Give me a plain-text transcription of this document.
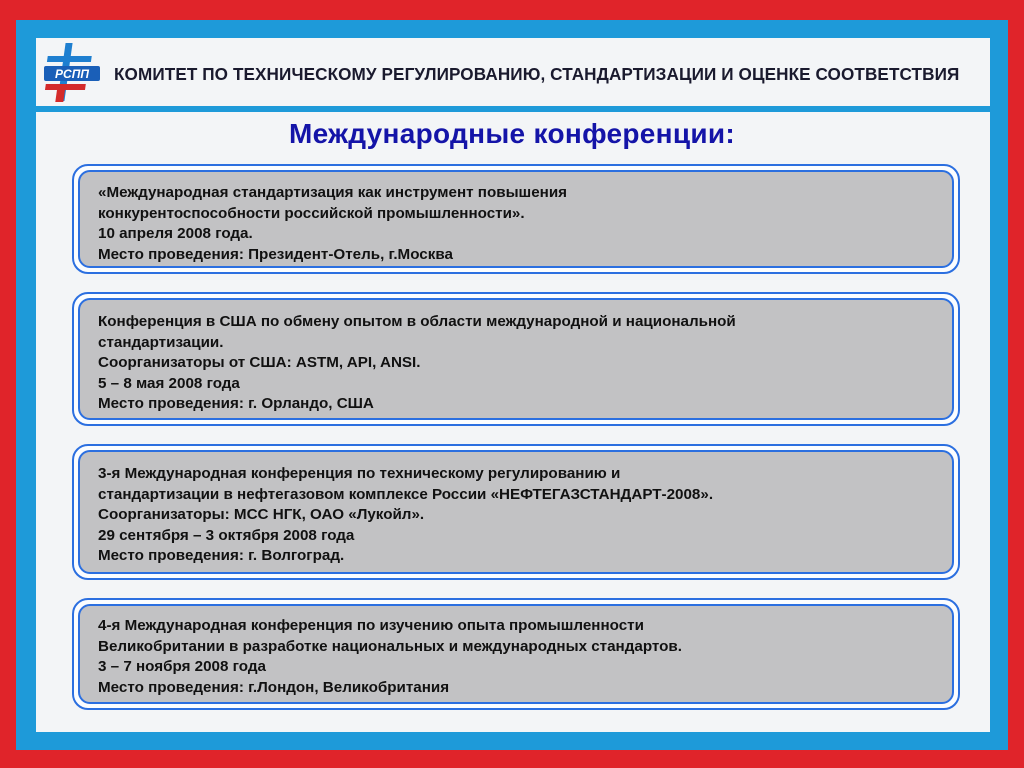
РСПП КОМИТЕТ ПО ТЕХНИЧЕСКОМУ РЕГУЛИРОВАНИЮ, СТАНДАРТИЗАЦИИ И ОЦЕНКЕ СООТВЕТСТВИЯ
Международные конференции:

«Международная стандартизация как инструмент повышения

конкурентоспособности российской промышленности».

10 апреля 2008 года.

Место проведения: Президент-Отель, г.Москва

Конференция в США по обмену опытом в области международной и национальной

стандартизации.

Соорганизаторы от США: ASTM, API, ANSI.

5 – 8 мая 2008 года

Место проведения: г. Орландо, США

3-я Международная конференция по техническому регулированию и

стандартизации в нефтегазовом комплексе России «НЕФТЕГАЗСТАНДАРТ-2008».

Соорганизаторы: МСС НГК, ОАО «Лукойл».

29 сентября – 3 октября 2008 года

Место проведения: г. Волгоград.

4-я Международная конференция по изучению опыта промышленности

Великобритании в разработке национальных и международных стандартов.

3 – 7 ноября 2008 года

Место проведения: г.Лондон, Великобритания
